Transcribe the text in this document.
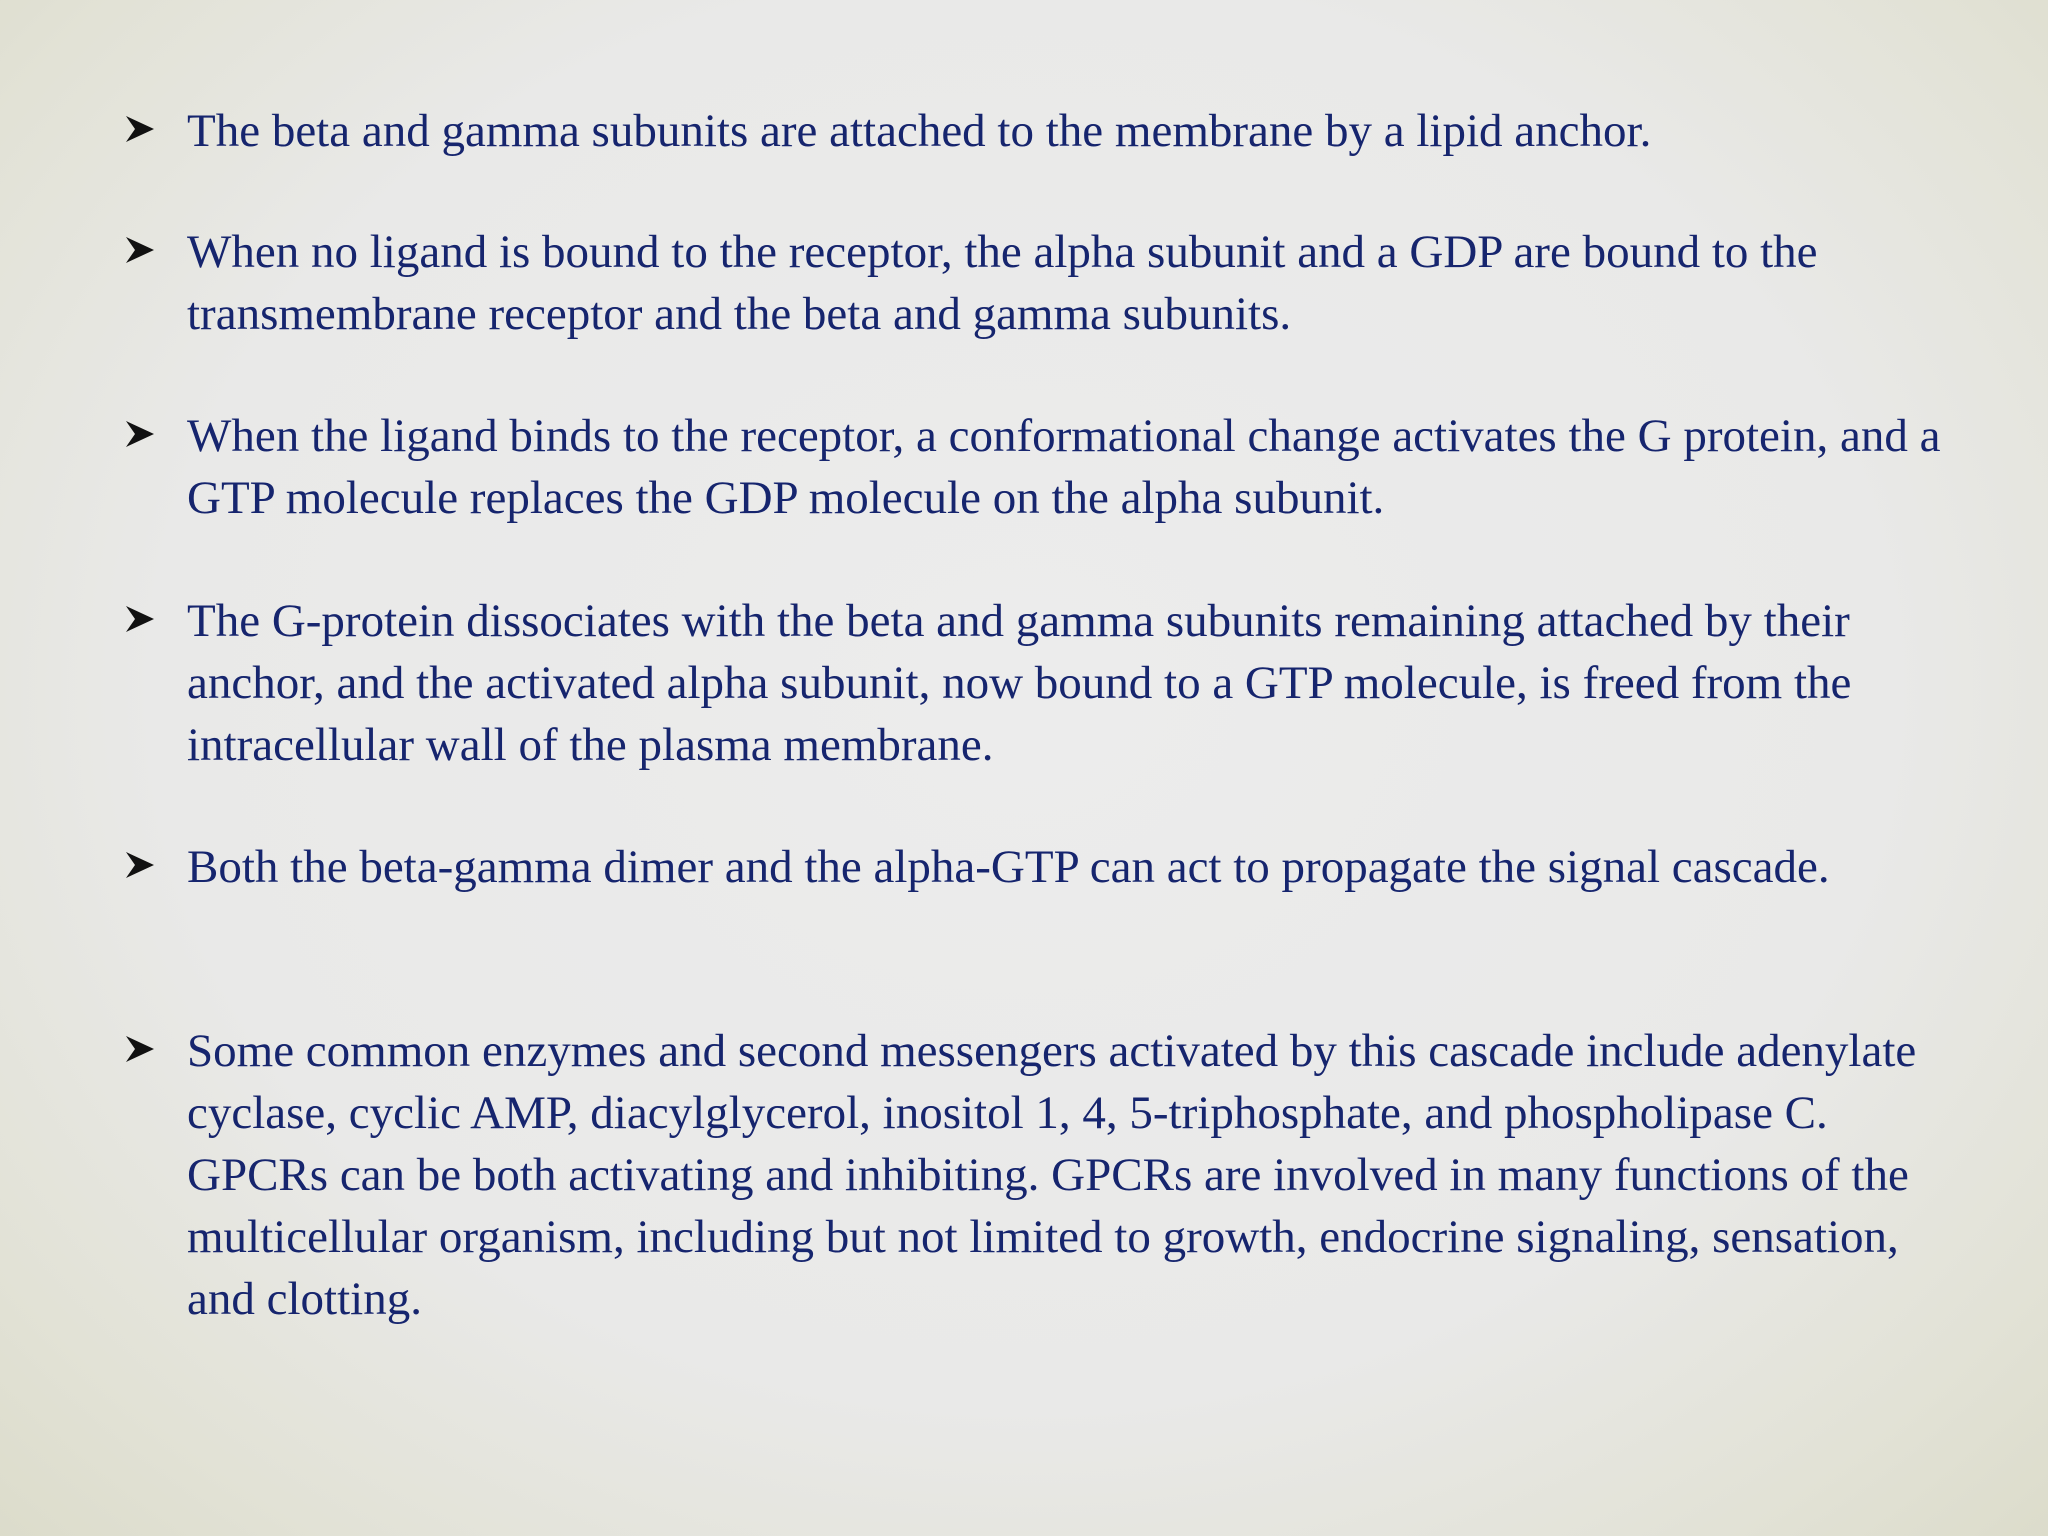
The beta and gamma subunits are attached to the membrane by a lipid anchor.
When no ligand is bound to the receptor, the alpha subunit and a GDP are bound to the transmembrane receptor and the beta and gamma subunits.
When the ligand binds to the receptor, a conformational change activates the G protein, and a GTP molecule replaces the GDP molecule on the alpha subunit.
The G-protein dissociates with the beta and gamma subunits remaining attached by their anchor, and the activated alpha subunit, now bound to a GTP molecule, is freed from the intracellular wall of the plasma membrane.
Both the beta-gamma dimer and the alpha-GTP can act to propagate the signal cascade.
Some common enzymes and second messengers activated by this cascade include adenylate cyclase, cyclic AMP, diacylglycerol, inositol 1, 4, 5-triphosphate, and phospholipase C. GPCRs can be both activating and inhibiting. GPCRs are involved in many functions of the multicellular organism, including but not limited to growth, endocrine signaling, sensation, and clotting.
